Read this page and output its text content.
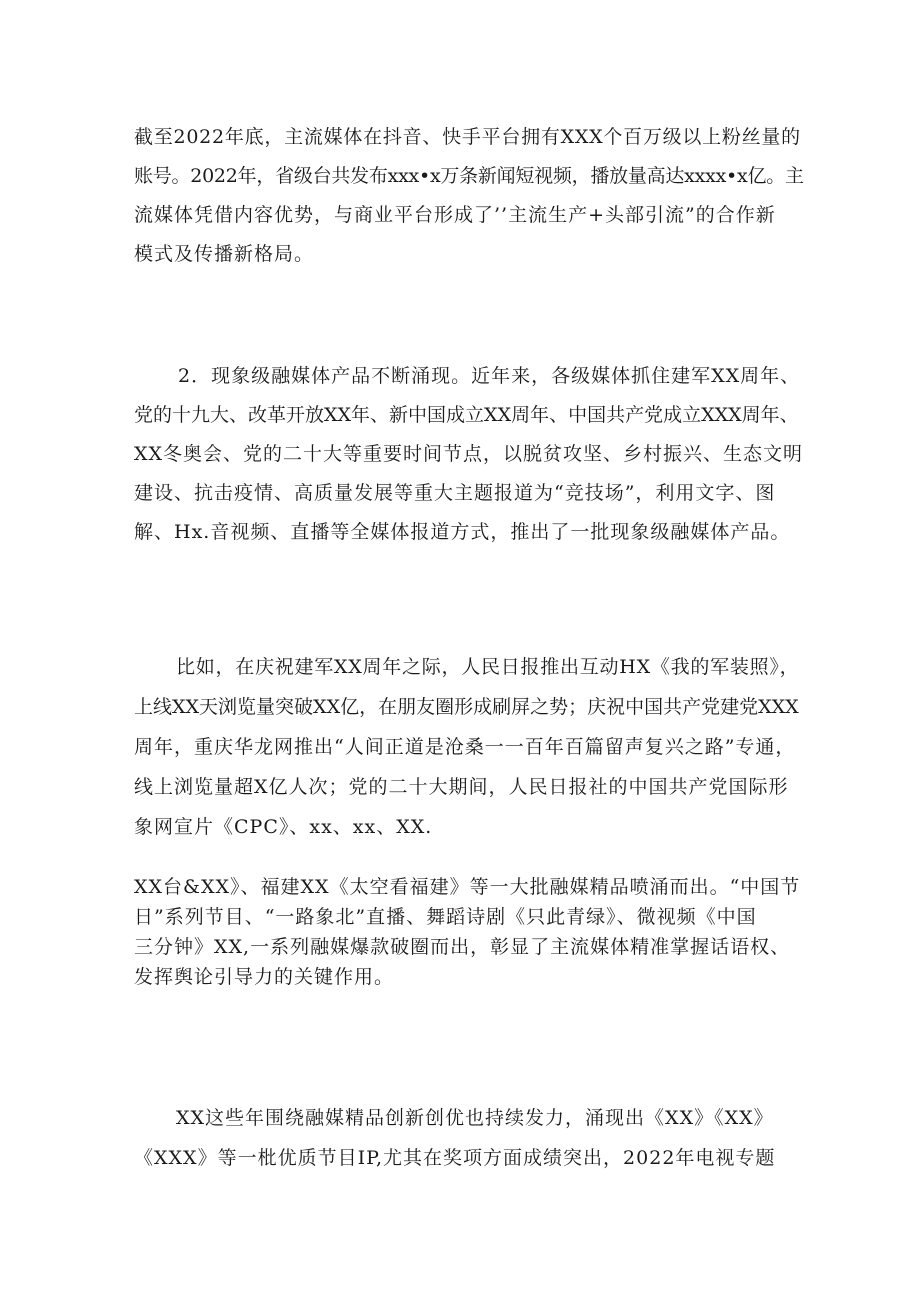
截至2022年底，主流媒体在抖音、快手平台拥有XXX个百万级以上粉丝量的
账号。2022年，省级台共发布xxx•x万条新闻短视频，播放量高达xxxx•x亿。主
流媒体凭借内容优势，与商业平台形成了’’主流生产+头部引流”的合作新
模式及传播新格局。

2．现象级融媒体产品不断涌现。近年来，各级媒体抓住建军XX周年、
党的十九大、改革开放XX年、新中国成立XX周年、中国共产党成立XXX周年、
XX冬奥会、党的二十大等重要时间节点，以脱贫攻坚、乡村振兴、生态文明
建设、抗击疫情、高质量发展等重大主题报道为“竞技场”，利用文字、图
解、Hx.音视频、直播等全媒体报道方式，推出了一批现象级融媒体产品。

比如，在庆祝建军XX周年之际，人民日报推出互动HX《我的军装照》，
上线XX天浏览量突破XX亿，在朋友圈形成刷屏之势；庆祝中国共产党建党XXX
周年，重庆华龙网推出“人间正道是沧桑一一百年百篇留声复兴之路”专通，
线上浏览量超X亿人次；党的二十大期间，人民日报社的中国共产党国际形
象网宣片《CPC》、xx、xx、XX.

XX台&XX》、福建XX《太空看福建》等一大批融媒精品喷涌而出。“中国节
日”系列节目、“一路象北”直播、舞蹈诗剧《只此青绿》、微视频《中国
三分钟》XX,一系列融媒爆款破圈而出，彰显了主流媒体精准掌握话语权、
发挥舆论引导力的关键作用。

XX这些年围绕融媒精品创新创优也持续发力，涌现出《XX》《XX》
《XXX》等一枇优质节目IP,尤其在奖项方面成绩突出，2022年电视专题
